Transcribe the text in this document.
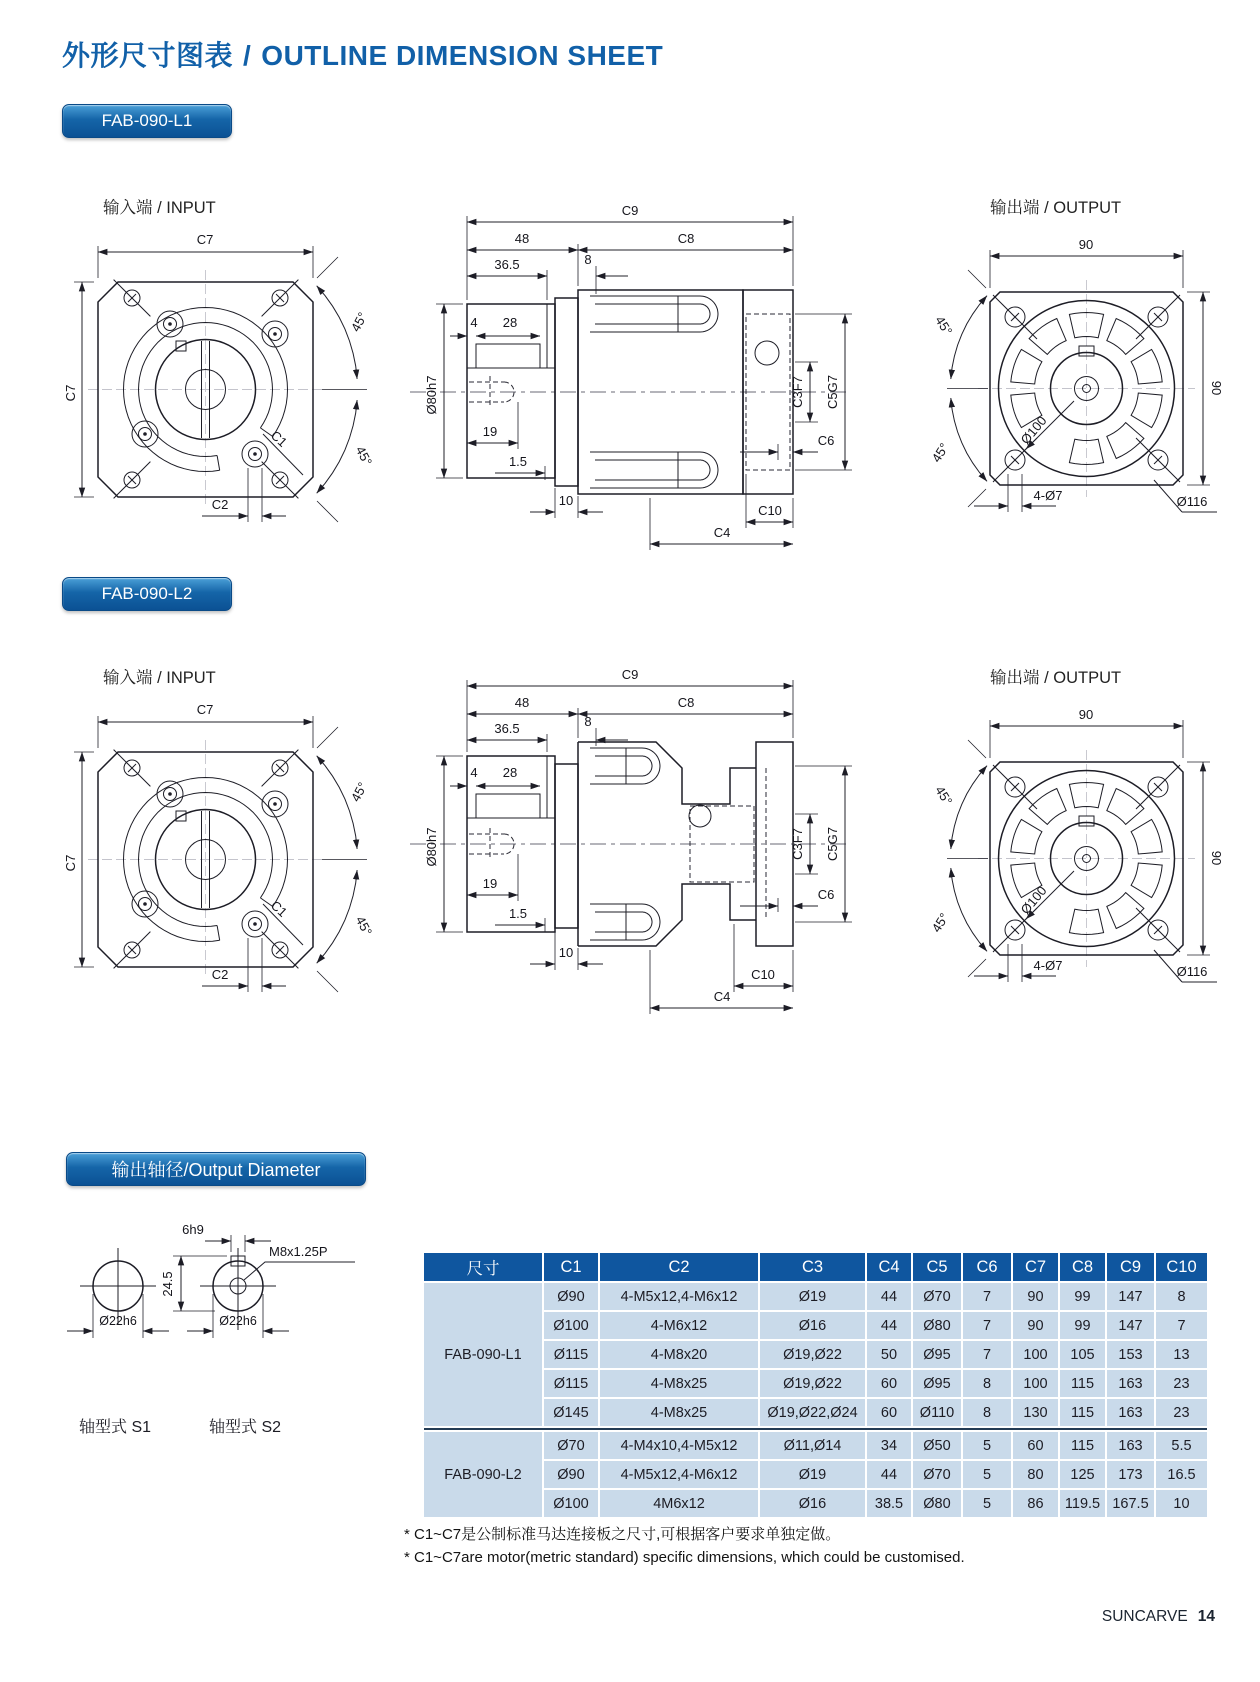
外形尺寸图表 / OUTLINE DIMENSION SHEET
FAB-090-L1
输入端 / INPUT	输出端 / OUTPUT
C7
C7
45°
45°
C1
C2
C9
48	C8
36.5	8
4 28
Ø80h7
19
1.5
10
C10
C4
C6
C3F7 C5G7
90
90
45°
45°
Ø100
4-Ø7	Ø116
FAB-090-L2
输入端 / INPUT	输出端 / OUTPUT
C7
C7
45°
45°
C1
C2
90
90
45°
45°
Ø100
4-Ø7	Ø116
C9
48	C8
36.5	8
4 28
Ø80h7
19
1.5
10
C10
C4
C6
C3F7 C5G7
输出轴径/Output Diameter
Ø22h6
6h9
24.5
M8x1.25P
Ø22h6
轴型式 S1	轴型式 S2
尺寸	C1	C2	C3	C4	C5	C6	C7	C8	C9	C10
FAB-090-L1	Ø90	4-M5x12,4-M6x12	Ø19	44	Ø70	7	90	99	147	8
	Ø100	4-M6x12	Ø16	44	Ø80	7	90	99	147	7
	Ø115	4-M8x20	Ø19,Ø22	50	Ø95	7	100	105	153	13
	Ø115	4-M8x25	Ø19,Ø22	60	Ø95	8	100	115	163	23
	Ø145	4-M8x25	Ø19,Ø22,Ø24	60	Ø110	8	130	115	163	23

FAB-090-L2	Ø70	4-M4x10,4-M5x12	Ø11,Ø14	34	Ø50	5	60	115	163	5.5
	Ø90	4-M5x12,4-M6x12	Ø19	44	Ø70	5	80	125	173	16.5
	Ø100	4M6x12	Ø16	38.5	Ø80	5	86	119.5	167.5	10
* C1~C7是公制标准马达连接板之尺寸,可根据客户要求单独定做。
* C1~C7are motor(metric standard) specific dimensions, which could be customised.
SUNCARVE 14
